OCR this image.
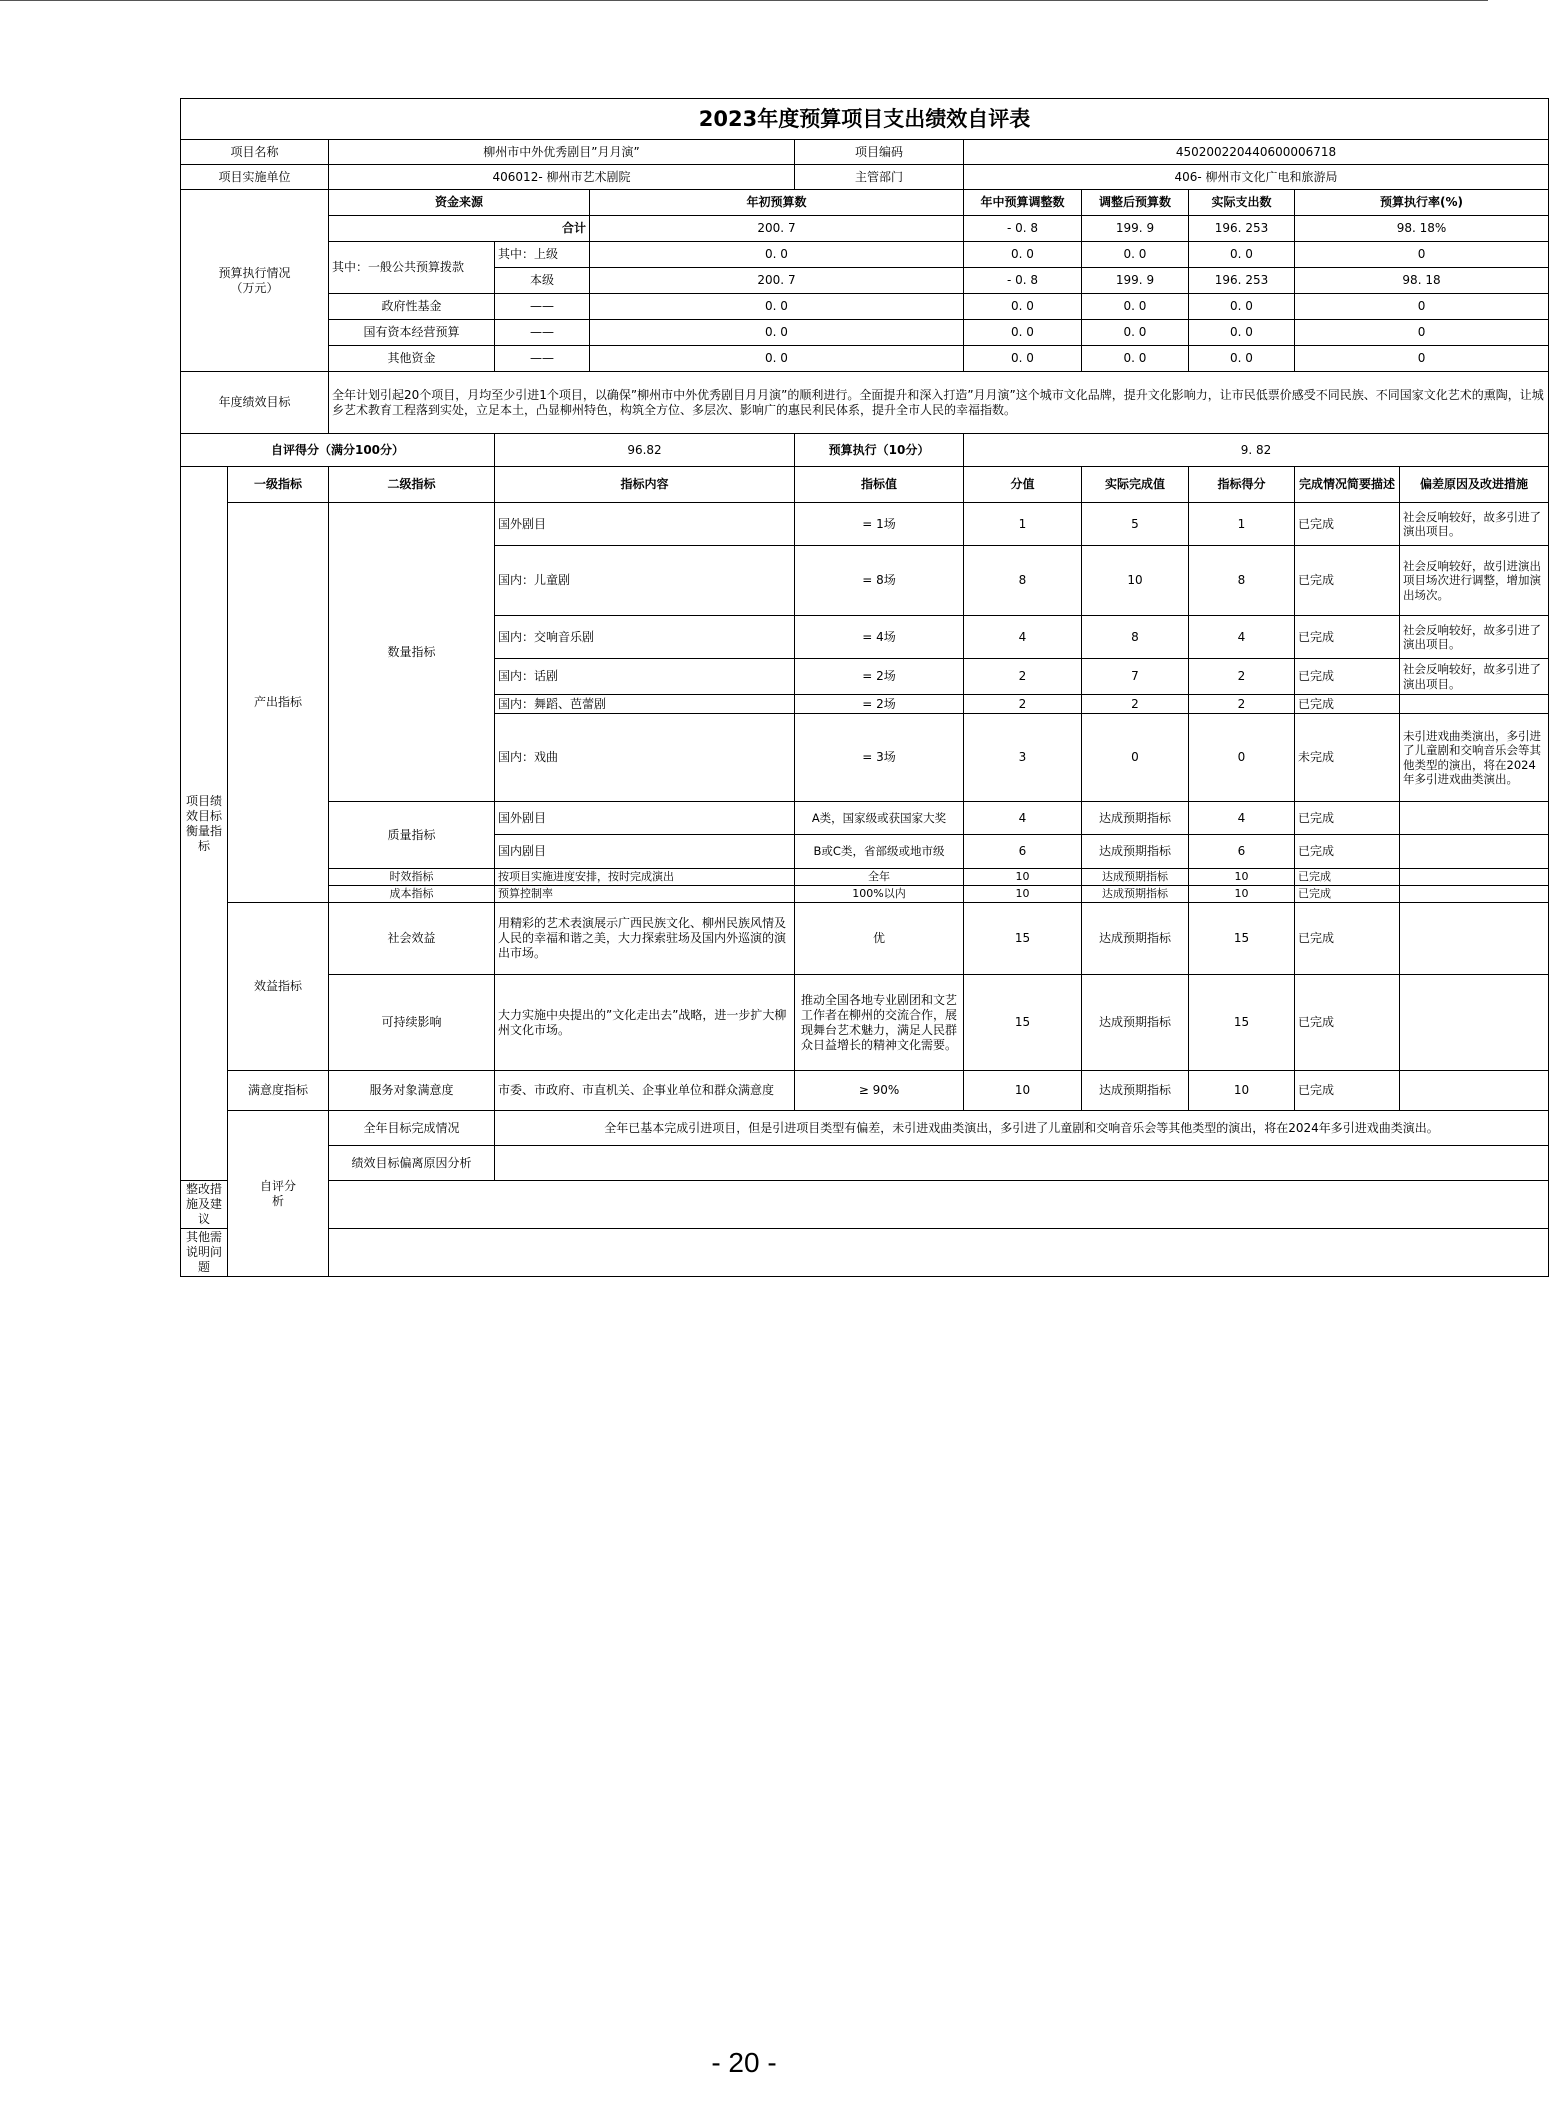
2023年度预算项目支出绩效自评表										
项目名称		柳州市中外优秀剧目”月月演”			项目编码	450200220440600006718				
项目实施单位		406012- 柳州市艺术剧院			主管部门	406- 柳州市文化广电和旅游局				
预算执行情况
（万元）		资金来源		年初预算数		年中预算调整数	调整后预算数	实际支出数	预算执行率(%)	
		合计		200. 7		- 0. 8	199. 9	196. 253	98. 18%	
		其中：一般公共预算拨款	其中：上级	0. 0		0. 0	0. 0	0. 0	0	
			本级	200. 7		- 0. 8	199. 9	196. 253	98. 18	
		政府性基金	——	0. 0		0. 0	0. 0	0. 0	0	
		国有资本经营预算	——	0. 0		0. 0	0. 0	0. 0	0	
		其他资金	——	0. 0		0. 0	0. 0	0. 0	0	
年度绩效目标		全年计划引起20个项目，月均至少引进1个项目，以确保”柳州市中外优秀剧目月月演”的顺利进行。全面提升和深入打造”月月演”这个城市文化品牌，提升文化影响力，让市民低票价感受不同民族、不同国家文化艺术的熏陶，让城乡艺术教育工程落到实处，立足本土，凸显柳州特色，构筑全方位、多层次、影响广的惠民利民体系，提升全市人民的幸福指数。								
自评得分（满分100分）			96.82		预算执行（10分）	9. 82				
项目绩
效目标
衡量指
标	一级指标	二级指标	指标内容		指标值	分值	实际完成值	指标得分	完成情况简要描述	偏差原因及改进措施
	产出指标	数量指标	国外剧目		= 1场	1	5	1	已完成	社会反响较好，故多引进了演出项目。
			国内：儿童剧		= 8场	8	10	8	已完成	社会反响较好，故引进演出项目场次进行调整，增加演出场次。
			国内：交响音乐剧		= 4场	4	8	4	已完成	社会反响较好，故多引进了演出项目。
			国内：话剧		= 2场	2	7	2	已完成	社会反响较好，故多引进了演出项目。
			国内：舞蹈、芭蕾剧		= 2场	2	2	2	已完成	
			国内：戏曲		= 3场	3	0	0	未完成	未引进戏曲类演出，多引进了儿童剧和交响音乐会等其他类型的演出，将在2024年多引进戏曲类演出。
		质量指标	国外剧目		A类，国家级或获国家大奖	4	达成预期指标	4	已完成	
			国内剧目		B或C类，省部级或地市级	6	达成预期指标	6	已完成	
		时效指标	按项目实施进度安排，按时完成演出		全年	10	达成预期指标	10	已完成	
		成本指标	预算控制率		100%以内	10	达成预期指标	10	已完成	
	效益指标	社会效益	用精彩的艺术表演展示广西民族文化、柳州民族风情及人民的幸福和谐之美，大力探索驻场及国内外巡演的演出市场。		优	15	达成预期指标	15	已完成	
		可持续影响	大力实施中央提出的”文化走出去”战略，进一步扩大柳州文化市场。		推动全国各地专业剧团和文艺工作者在柳州的交流合作，展现舞台艺术魅力，满足人民群众日益增长的精神文化需要。	15	达成预期指标	15	已完成	
	满意度指标	服务对象满意度	市委、市政府、市直机关、企事业单位和群众满意度		≥ 90%	10	达成预期指标	10	已完成	
	自评分
析	全年目标完成情况	全年已基本完成引进项目，但是引进项目类型有偏差，未引进戏曲类演出，多引进了儿童剧和交响音乐会等其他类型的演出，将在2024年多引进戏曲类演出。							
		绩效目标偏离原因分析								
整改措施及建议										
其他需说明问题										
- 20 -
